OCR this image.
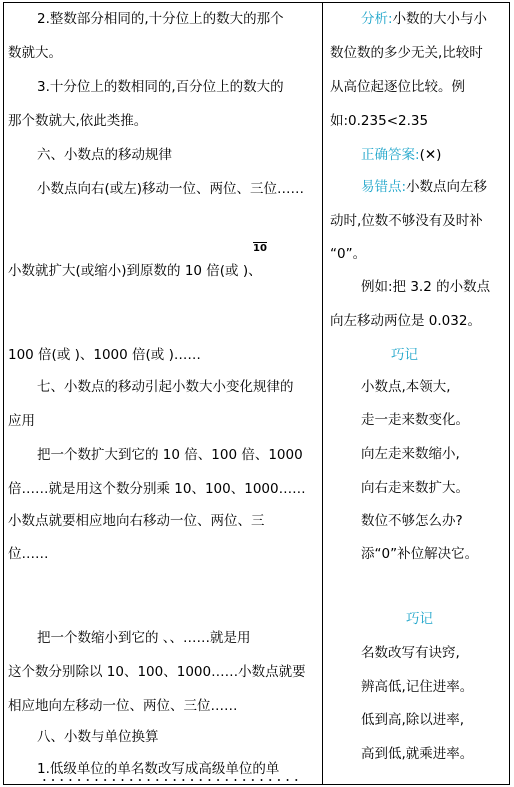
2.整数部分相同的,十分位上的数大的那个
数就大。
3.十分位上的数相同的,百分位上的数大的
那个数就大,依此类推。
六、小数点的移动规律
小数点向右(或左)移动一位、两位、三位……
10
小数就扩大(或缩小)到原数的 10 倍(或 )、
100 倍(或 )、1000 倍(或 )……
七、小数点的移动引起小数大小变化规律的
应用
把一个数扩大到它的 10 倍、100 倍、1000
倍……就是用这个数分别乘 10、100、1000……
小数点就要相应地向右移动一位、两位、三
位……
把一个数缩小到它的 、、……就是用
这个数分别除以 10、100、1000……小数点就要
相应地向左移动一位、两位、三位……
八、小数与单位换算
1.低级单位的单名数改写成高级单位的单
分析:小数的大小与小
数位数的多少无关,比较时
从高位起逐位比较。例
如:0.235<2.35
正确答案:(✕)
易错点:小数点向左移
动时,位数不够没有及时补
“0”。
例如:把 3.2 的小数点
向左移动两位是 0.032。
巧记
小数点,本领大,
走一走来数变化。
向左走来数缩小,
向右走来数扩大。
数位不够怎么办?
添“0”补位解决它。
巧记
名数改写有诀窍,
辨高低,记住进率。
低到高,除以进率,
高到低,就乘进率。
